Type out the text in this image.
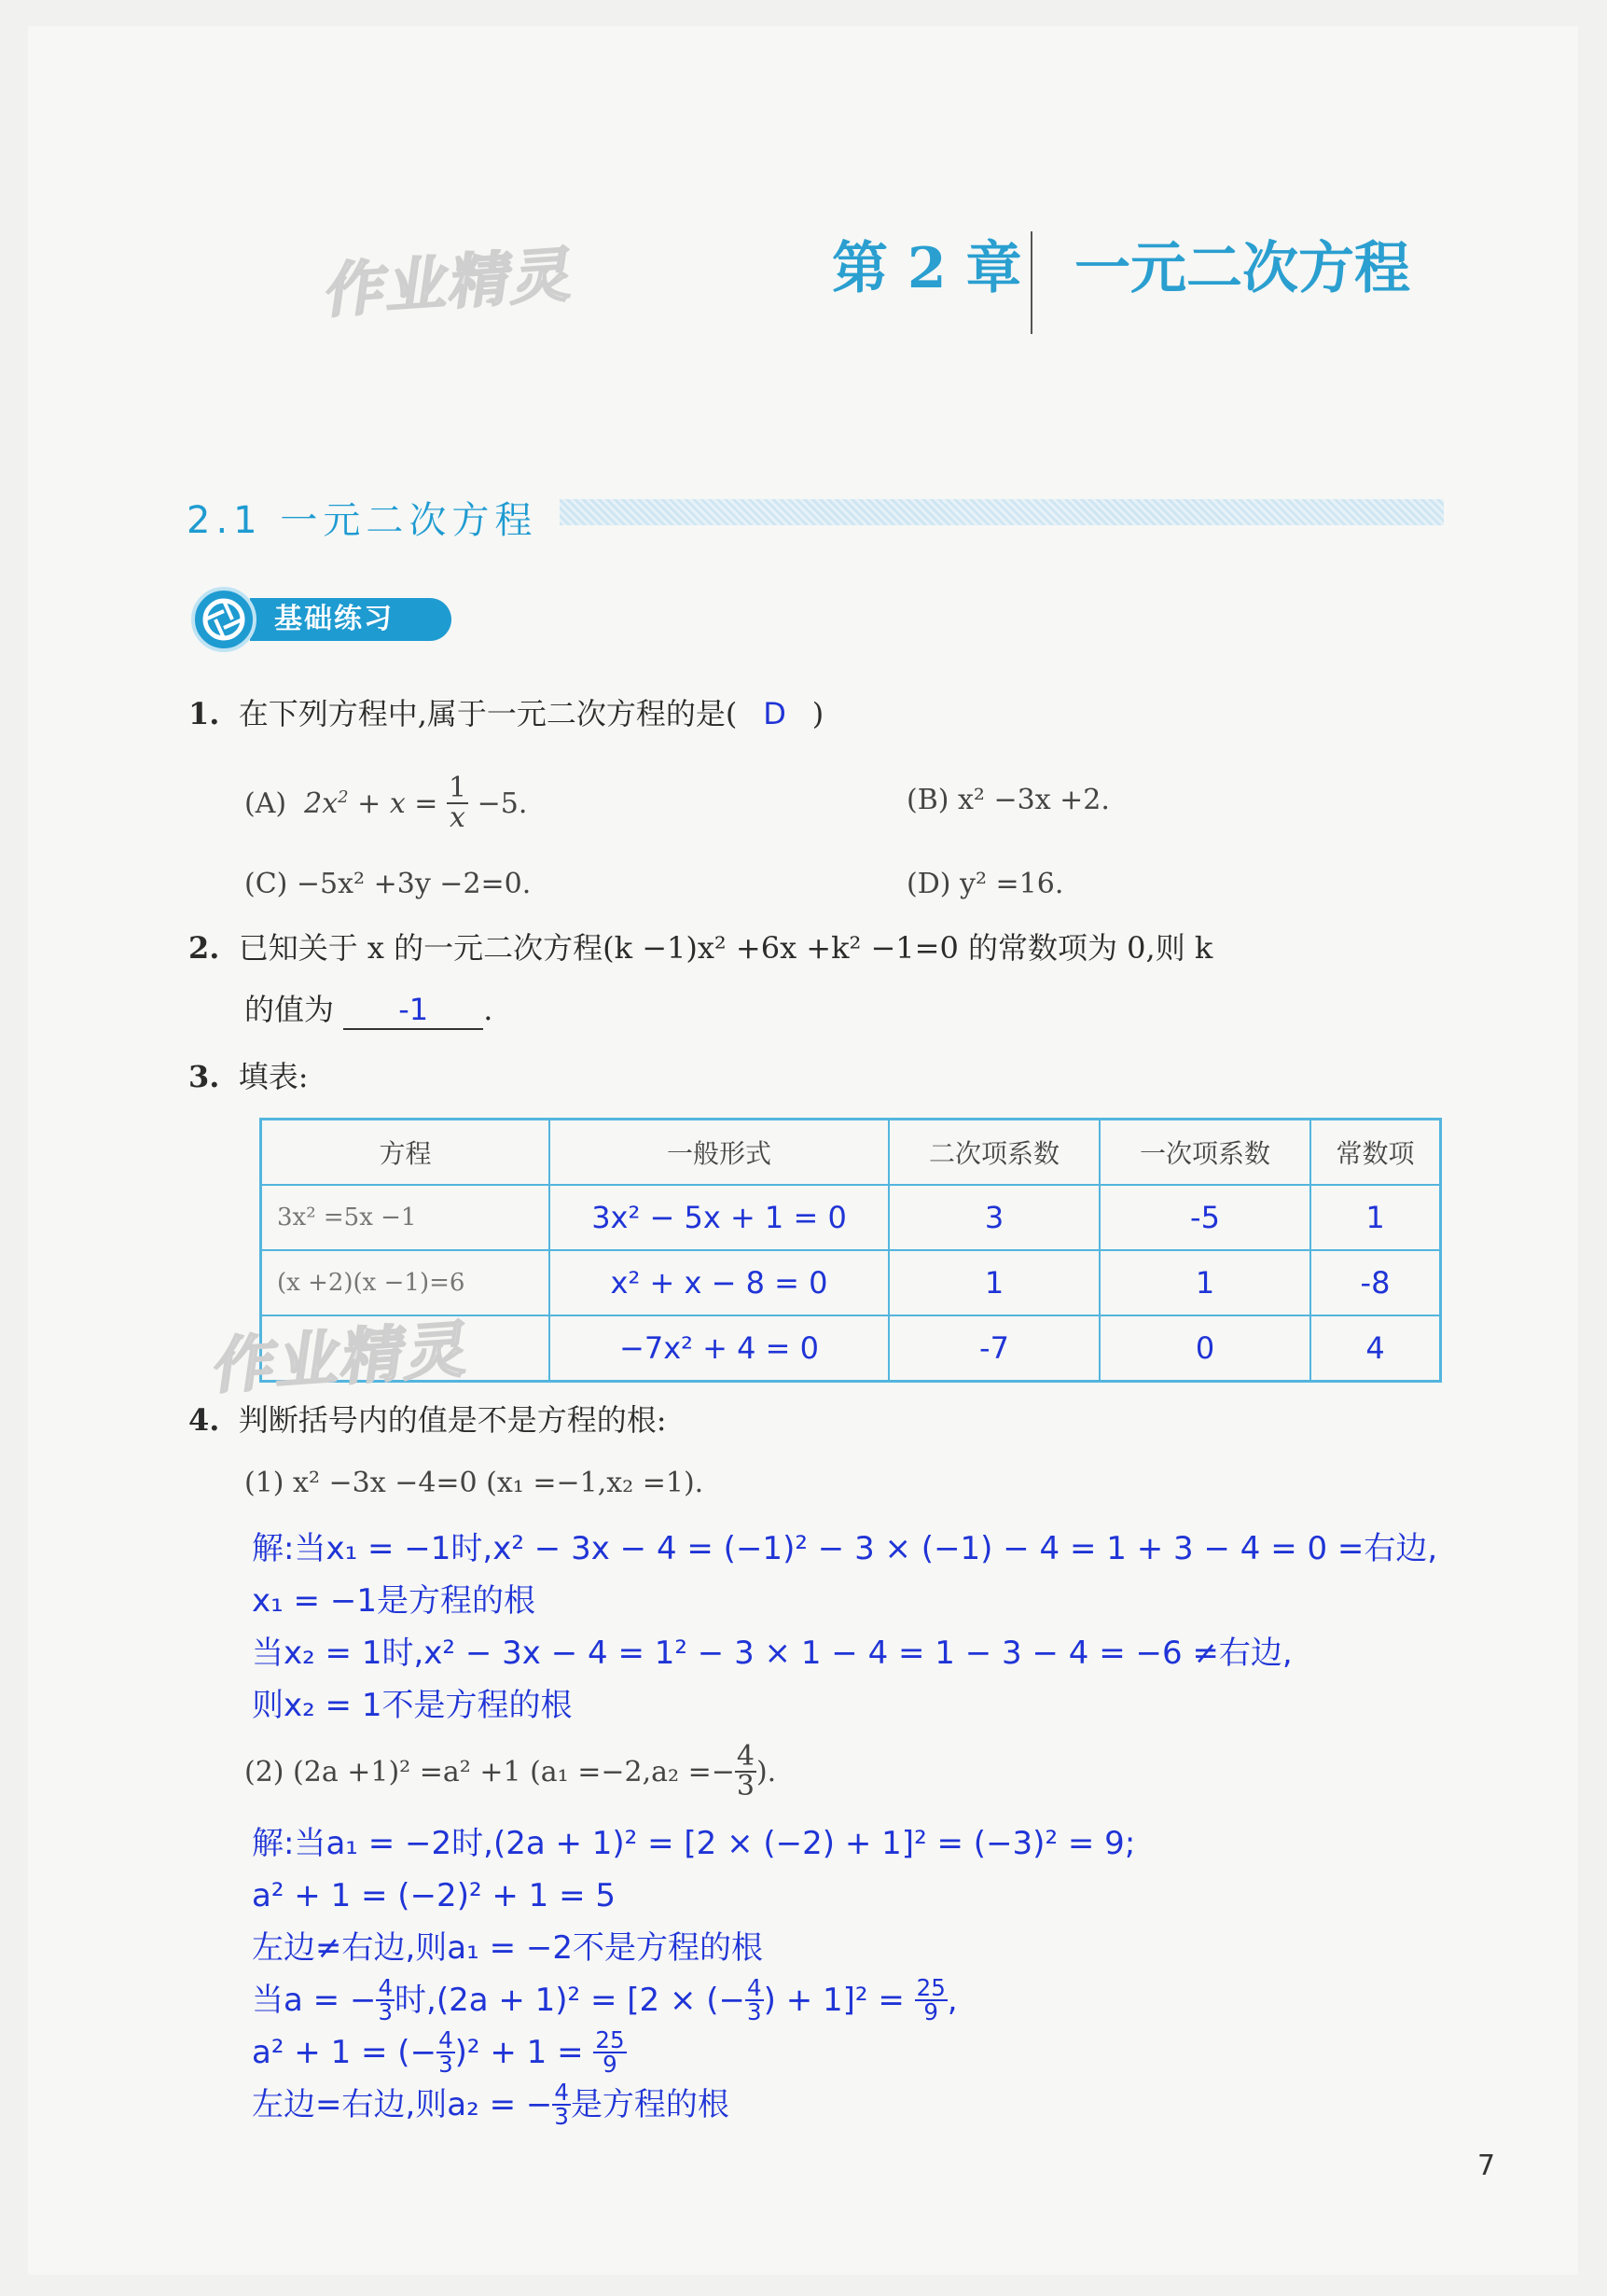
作业精灵	第 2 章 一元二次方程
2.1 一元二次方程
基础练习
1. 在下列方程中,属于一元二次方程的是( D )
(A)
$2x^2 + x = \frac{1}{x} -5$.	(B) x² −3x +2.
(C) −5x² +3y −2=0.	(D) y² =16.
2. 已知关于 x 的一元二次方程(k −1)x² +6x +k² −1=0 的常数项为 0,则 k
的值为 -1 .
3. 填表:
方程	一般形式	二次项系数	一次项系数	常数项
3x² =5x −1	3x² − 5x + 1 = 0	3	-5	1
(x +2)(x −1)=6	x² + x − 8 = 0	1	1	-8
	−7x² + 4 = 0	-7	0	4
作业精灵
4. 判断括号内的值是不是方程的根:
(1) x² −3x −4=0 (x₁ =−1,x₂ =1).
解:当x₁ = −1时,x² − 3x − 4 = (−1)² − 3 × (−1) − 4 = 1 + 3 − 4 = 0 =右边,
x₁ = −1是方程的根
当x₂ = 1时,x² − 3x − 4 = 1² − 3 × 1 − 4 = 1 − 3 − 4 = −6 ≠右边,
则x₂ = 1不是方程的根
(2) (2a +1)² =a² +1 ($a_1 =-2,a_2 =- \frac{4}{3}$ ).
解:当a₁ = −2时,(2a + 1)² = [2 × (−2) + 1]² = (−3)² = 9;
a² + 1 = (−2)² + 1 = 5
左边≠右边,则a₁ = −2不是方程的根
当a = − $\frac{4}{3}$ 时,(2a + 1)² = [2 × (− $\frac{4}{3}$ ) + 1]² =
$\frac{25}{9}$ ,
a² + 1 = (− $\frac{4}{3} )^2 + 1$ =
$\frac{25}{9}$
左边=右边,则a₂ = − $\frac{4}{3}$ 是方程的根
7
